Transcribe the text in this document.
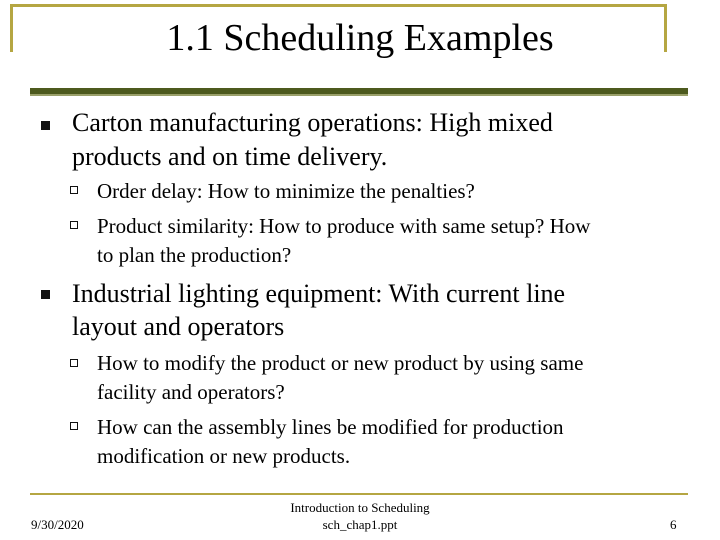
1.1 Scheduling Examples
Carton manufacturing operations: High mixed
products and on time delivery.
Order delay: How to minimize the penalties?
Product similarity: How to produce with same setup? How
to plan the production?
Industrial lighting equipment: With current line
layout and operators
How to modify the product or new product by using same
facility and operators?
How can the assembly lines be modified for production
modification or new products.
9/30/2020
Introduction to Scheduling
sch_chap1.ppt	6
